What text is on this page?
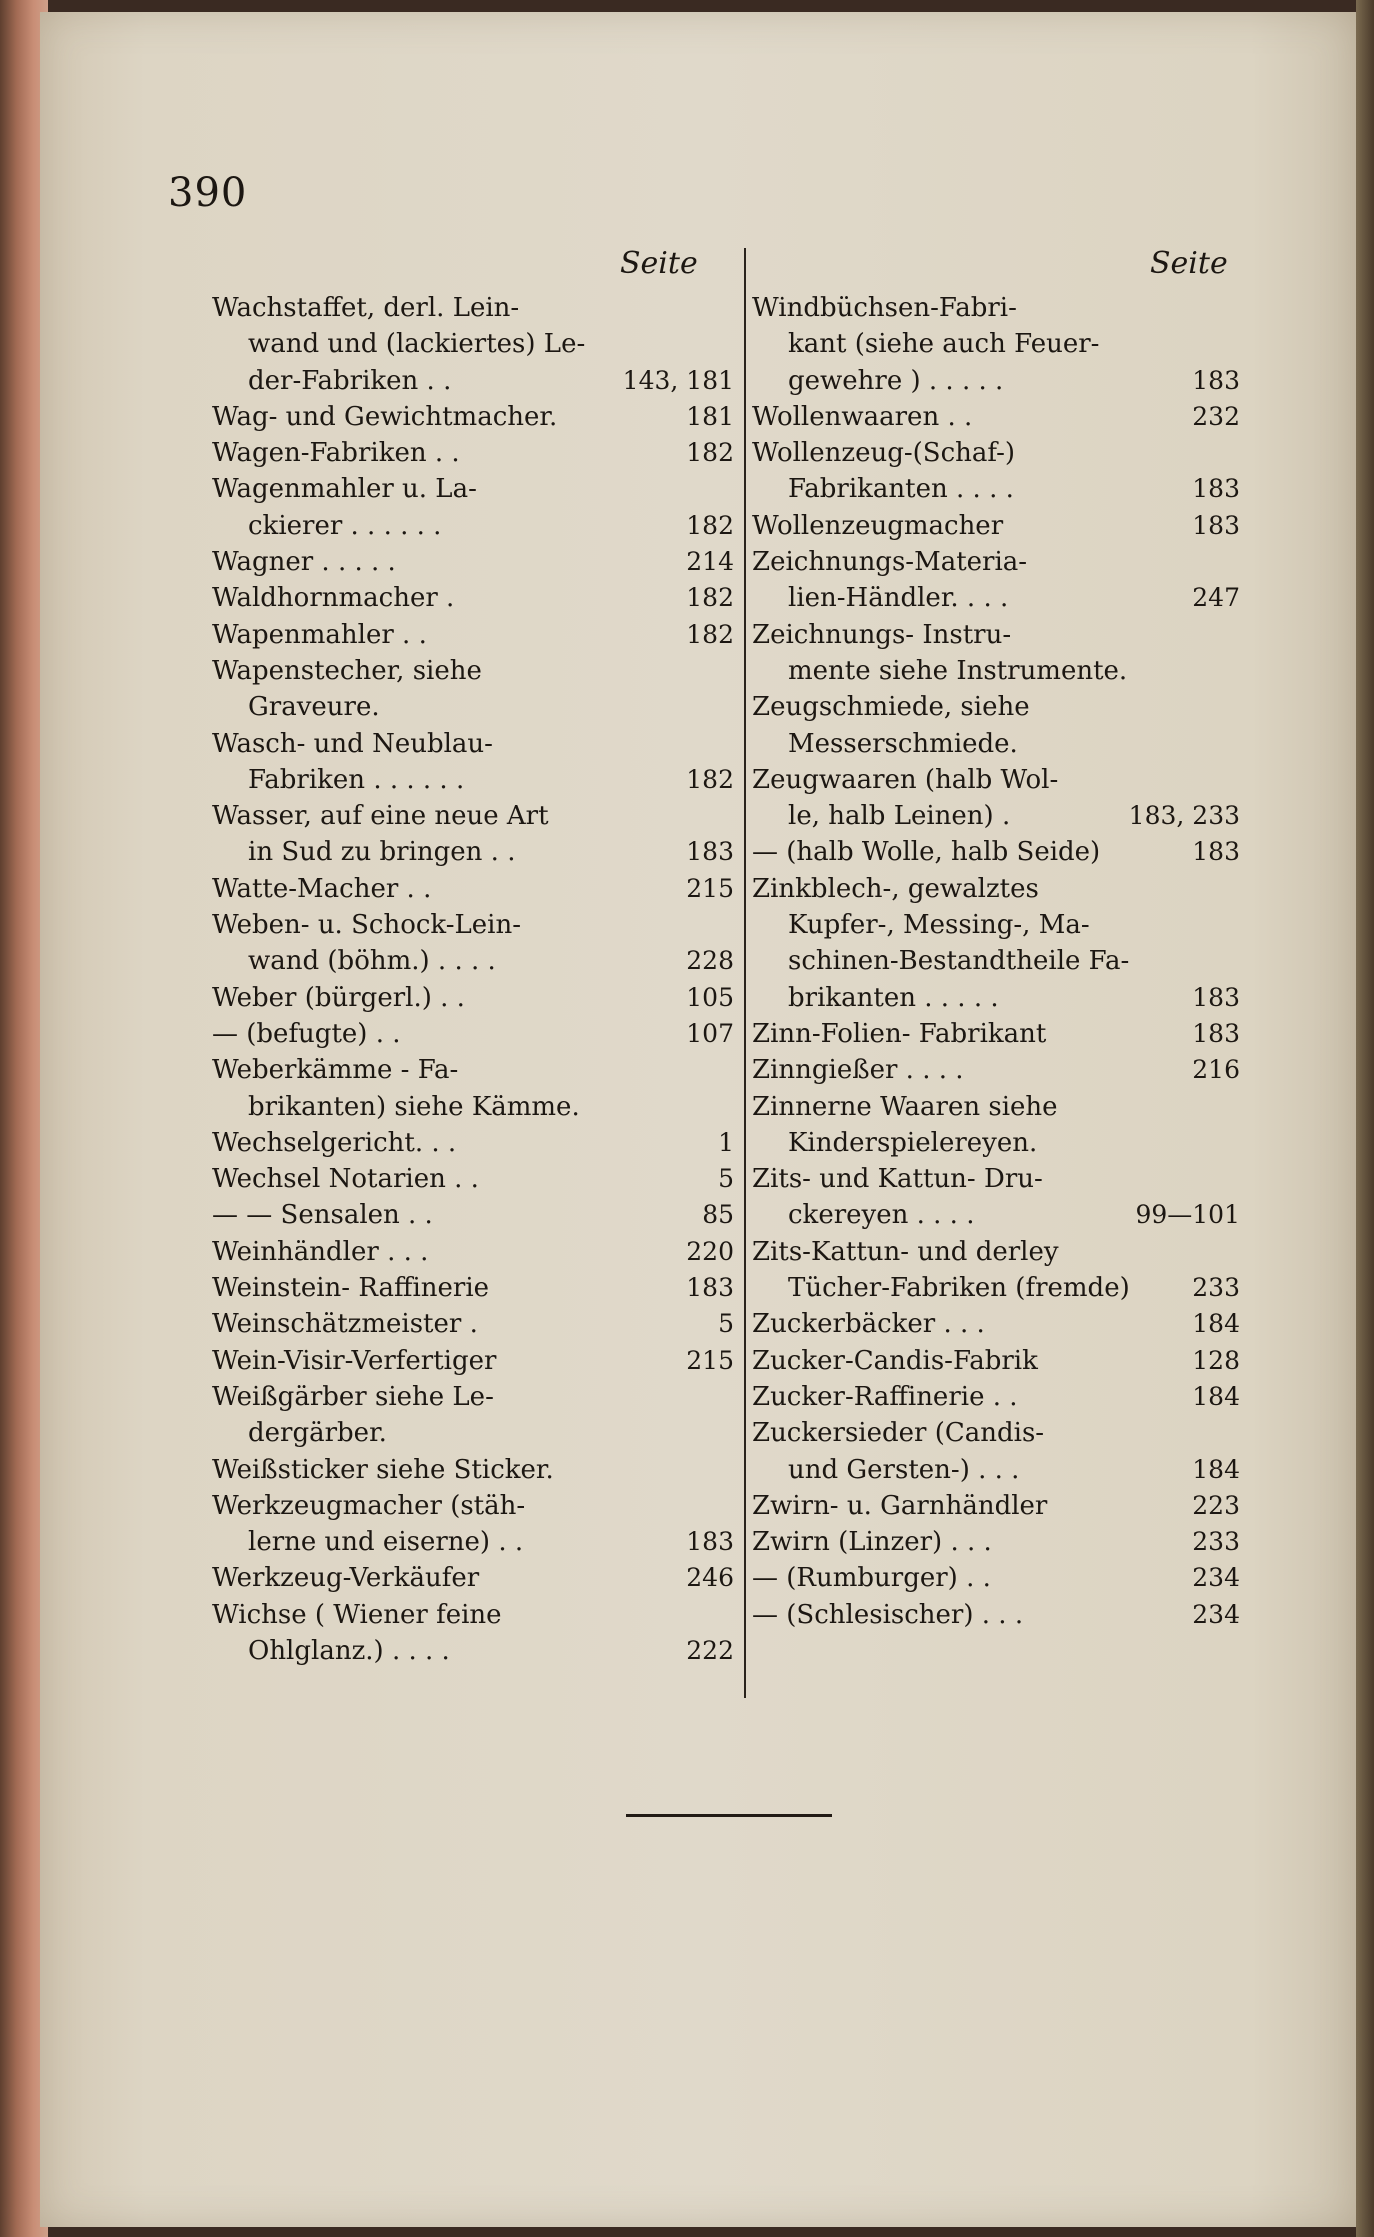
390
Seite	Seite
Wachstaffet, derl. Lein-
wand und (lackiertes) Le-
der-Fabriken . .	143, 181
Wag- und Gewichtmacher.	181
Wagen-Fabriken . .	182
Wagenmahler u. La-
ckierer . . . . . .	182
Wagner . . . . .	214
Waldhornmacher .	182
Wapenmahler . .	182
Wapenstecher, siehe
Graveure.
Wasch- und Neublau-
Fabriken . . . . . .	182
Wasser, auf eine neue Art
in Sud zu bringen . .	183
Watte-Macher . .	215
Weben- u. Schock-Lein-
wand (böhm.) . . . .	228
Weber (bürgerl.) . .	105
— (befugte) . .	107
Weberkämme - Fa-
brikanten) siehe Kämme.
Wechselgericht. . .	1
Wechsel Notarien . .	5
— — Sensalen . .	85
Weinhändler . . .	220
Weinstein- Raffinerie	183
Weinschätzmeister .	5
Wein-Visir-Verfertiger	215
Weißgärber siehe Le-
dergärber.
Weißsticker siehe Sticker.
Werkzeugmacher (stäh-
lerne und eiserne) . .	183
Werkzeug-Verkäufer	246
Wichse ( Wiener feine
Ohlglanz.) . . . .	222
Windbüchsen-Fabri-
kant (siehe auch Feuer-
gewehre ) . . . . .	183
Wollenwaaren . .	232
Wollenzeug-(Schaf-)
Fabrikanten . . . .	183
Wollenzeugmacher	183
Zeichnungs-Materia-
lien-Händler. . . .	247
Zeichnungs- Instru-
mente siehe Instrumente.
Zeugschmiede, siehe
Messerschmiede.
Zeugwaaren (halb Wol-
le, halb Leinen) .	183, 233
— (halb Wolle, halb Seide)	183
Zinkblech-, gewalztes
Kupfer-, Messing-, Ma-
schinen-Bestandtheile Fa-
brikanten . . . . .	183
Zinn-Folien- Fabrikant	183
Zinngießer . . . .	216
Zinnerne Waaren siehe
Kinderspielereyen.
Zits- und Kattun- Dru-
ckereyen . . . .	99—101
Zits-Kattun- und derley
Tücher-Fabriken (fremde)	233
Zuckerbäcker . . .	184
Zucker-Candis-Fabrik	128
Zucker-Raffinerie . .	184
Zuckersieder (Candis-
und Gersten-) . . .	184
Zwirn- u. Garnhändler	223
Zwirn (Linzer) . . .	233
— (Rumburger) . .	234
— (Schlesischer) . . .	234
